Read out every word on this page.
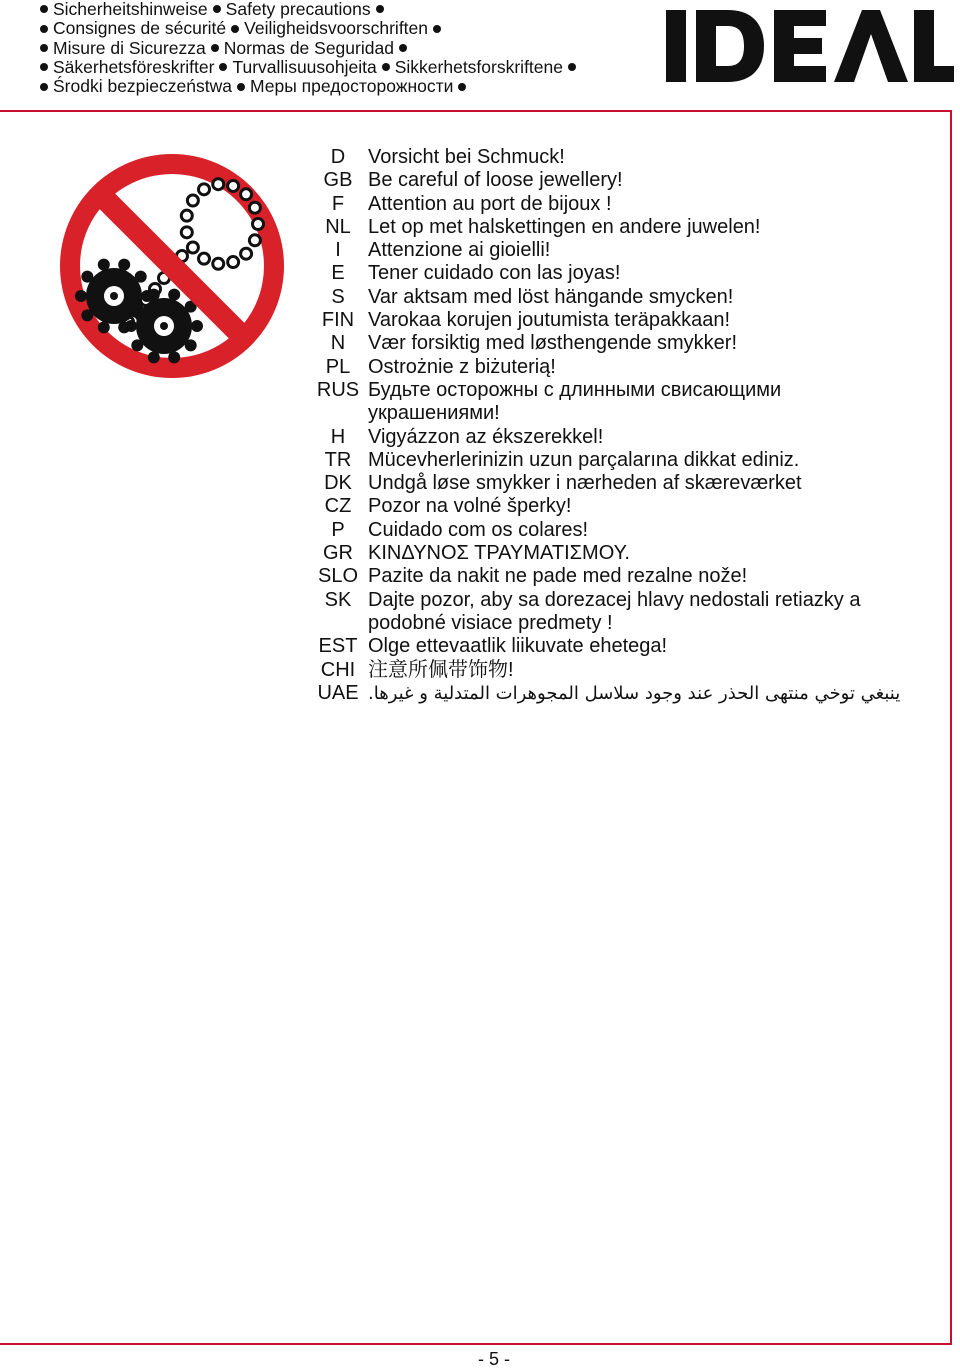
Sicherheitshinweise Safety precautions
Consignes de sécurité Veiligheidsvoorschriften
Misure di Sicurezza Normas de Seguridad
Säkerhetsföreskrifter Turvallisuusohjeita Sikkerhetsforskriftene
Środki bezpieczeństwa Меры предосторожности
D	Vorsicht bei Schmuck!
GB Be careful of loose jewellery!
F	Attention au port de bijoux !
NL Let op met halskettingen en andere juwelen!
I	Attenzione ai gioielli!
E	Tener cuidado con las joyas!
S	Var aktsam med löst hängande smycken!
FIN Varokaa korujen joutumista teräpakkaan!
N	Vær forsiktig med løsthengende smykker!
PL Ostrożnie z biżuterią!
RUS Будьте осторожны с длинными свисающими украшениями!
H	Vigyázzon az ékszerekkel!
TR Mücevherlerinizin uzun parçalarına dikkat ediniz.
DK Undgå løse smykker i nærheden af skæreværket
CZ Pozor na volné šperky!
P	Cuidado com os colares!
GR ΚΙΝΔΥΝΟΣ ΤΡΑΥΜΑΤΙΣΜΟΥ.
SLO Pazite da nakit ne pade med rezalne nože!
SK Dajte pozor, aby sa dorezacej hlavy nedostali retiazky a podobné visiace predmety !
EST Olge ettevaatlik liikuvate ehetega!
CHI 注意所佩带饰物!
UAE ينبغي توخي منتهى الحذر عند وجود سلاسل المجوهرات المتدلية و غيرها.
- 5 -
